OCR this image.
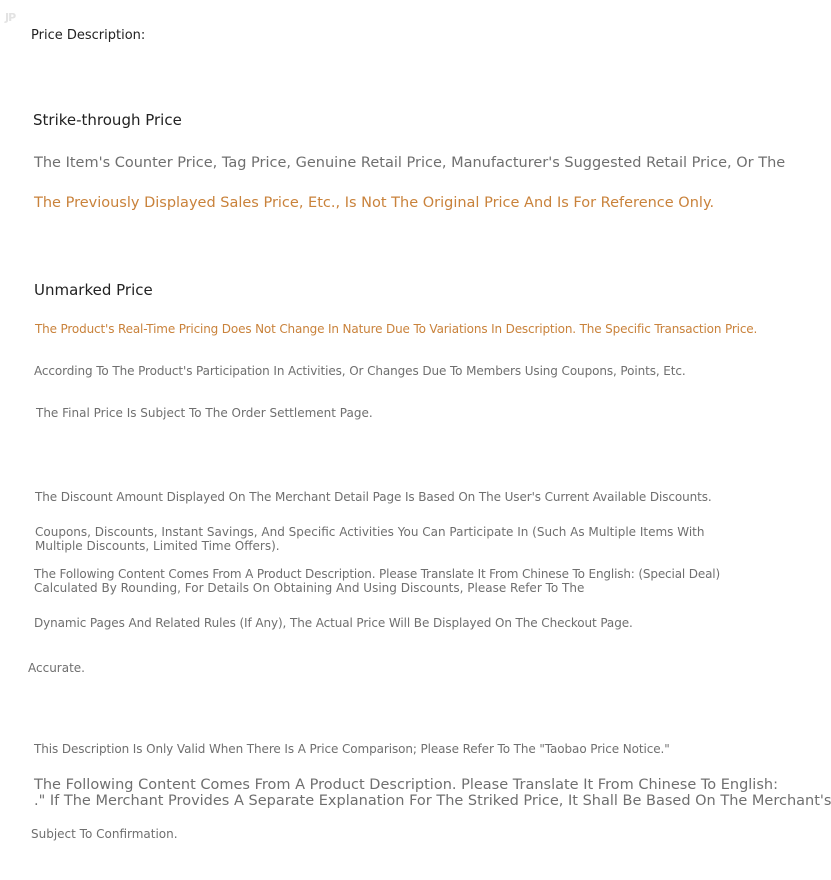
JP
Price Description:
Strike-through Price
The Item's Counter Price, Tag Price, Genuine Retail Price, Manufacturer's Suggested Retail Price, Or The
The Previously Displayed Sales Price, Etc., Is Not The Original Price And Is For Reference Only.
Unmarked Price
The Product's Real-Time Pricing Does Not Change In Nature Due To Variations In Description. The Specific Transaction Price.
According To The Product's Participation In Activities, Or Changes Due To Members Using Coupons, Points, Etc.
The Final Price Is Subject To The Order Settlement Page.
The Discount Amount Displayed On The Merchant Detail Page Is Based On The User's Current Available Discounts.
Coupons, Discounts, Instant Savings, And Specific Activities You Can Participate In (Such As Multiple Items With Multiple Discounts, Limited Time Offers).
The Following Content Comes From A Product Description. Please Translate It From Chinese To English: (Special Deal)
Calculated By Rounding, For Details On Obtaining And Using Discounts, Please Refer To The
Dynamic Pages And Related Rules (If Any), The Actual Price Will Be Displayed On The Checkout Page.
Accurate.
This Description Is Only Valid When There Is A Price Comparison; Please Refer To The "Taobao Price Notice."
The Following Content Comes From A Product Description. Please Translate It From Chinese To English:
." If The Merchant Provides A Separate Explanation For The Striked Price, It Shall Be Based On The Merchant's
Subject To Confirmation.
